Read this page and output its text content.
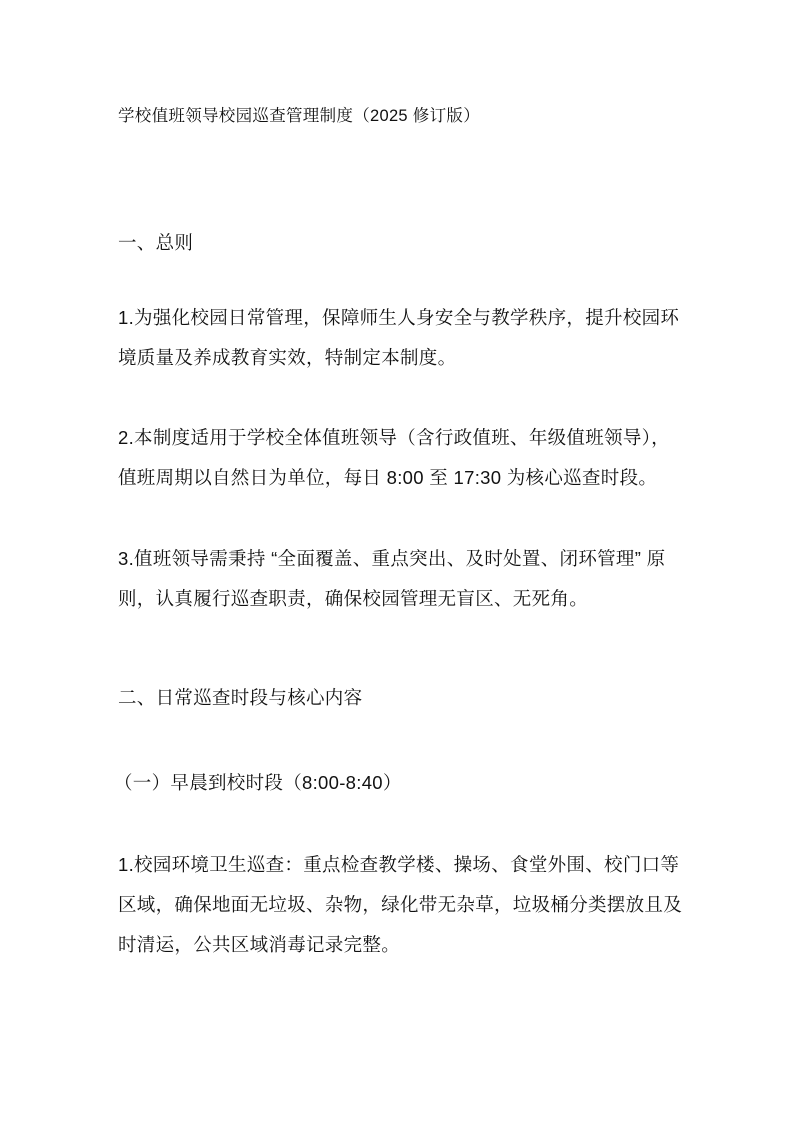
学校值班领导校园巡查管理制度（2025 修订版）
一、总则
1.为强化校园日常管理，保障师生人身安全与教学秩序，提升校园环
境质量及养成教育实效，特制定本制度。
2.本制度适用于学校全体值班领导（含行政值班、年级值班领导），
值班周期以自然日为单位，每日 8:00 至 17:30 为核心巡查时段。
3.值班领导需秉持 “全面覆盖、重点突出、及时处置、闭环管理” 原
则，认真履行巡查职责，确保校园管理无盲区、无死角。
二、日常巡查时段与核心内容
（一）早晨到校时段（8:00-8:40）
1.校园环境卫生巡查：重点检查教学楼、操场、食堂外围、校门口等
区域，确保地面无垃圾、杂物，绿化带无杂草，垃圾桶分类摆放且及
时清运，公共区域消毒记录完整。
